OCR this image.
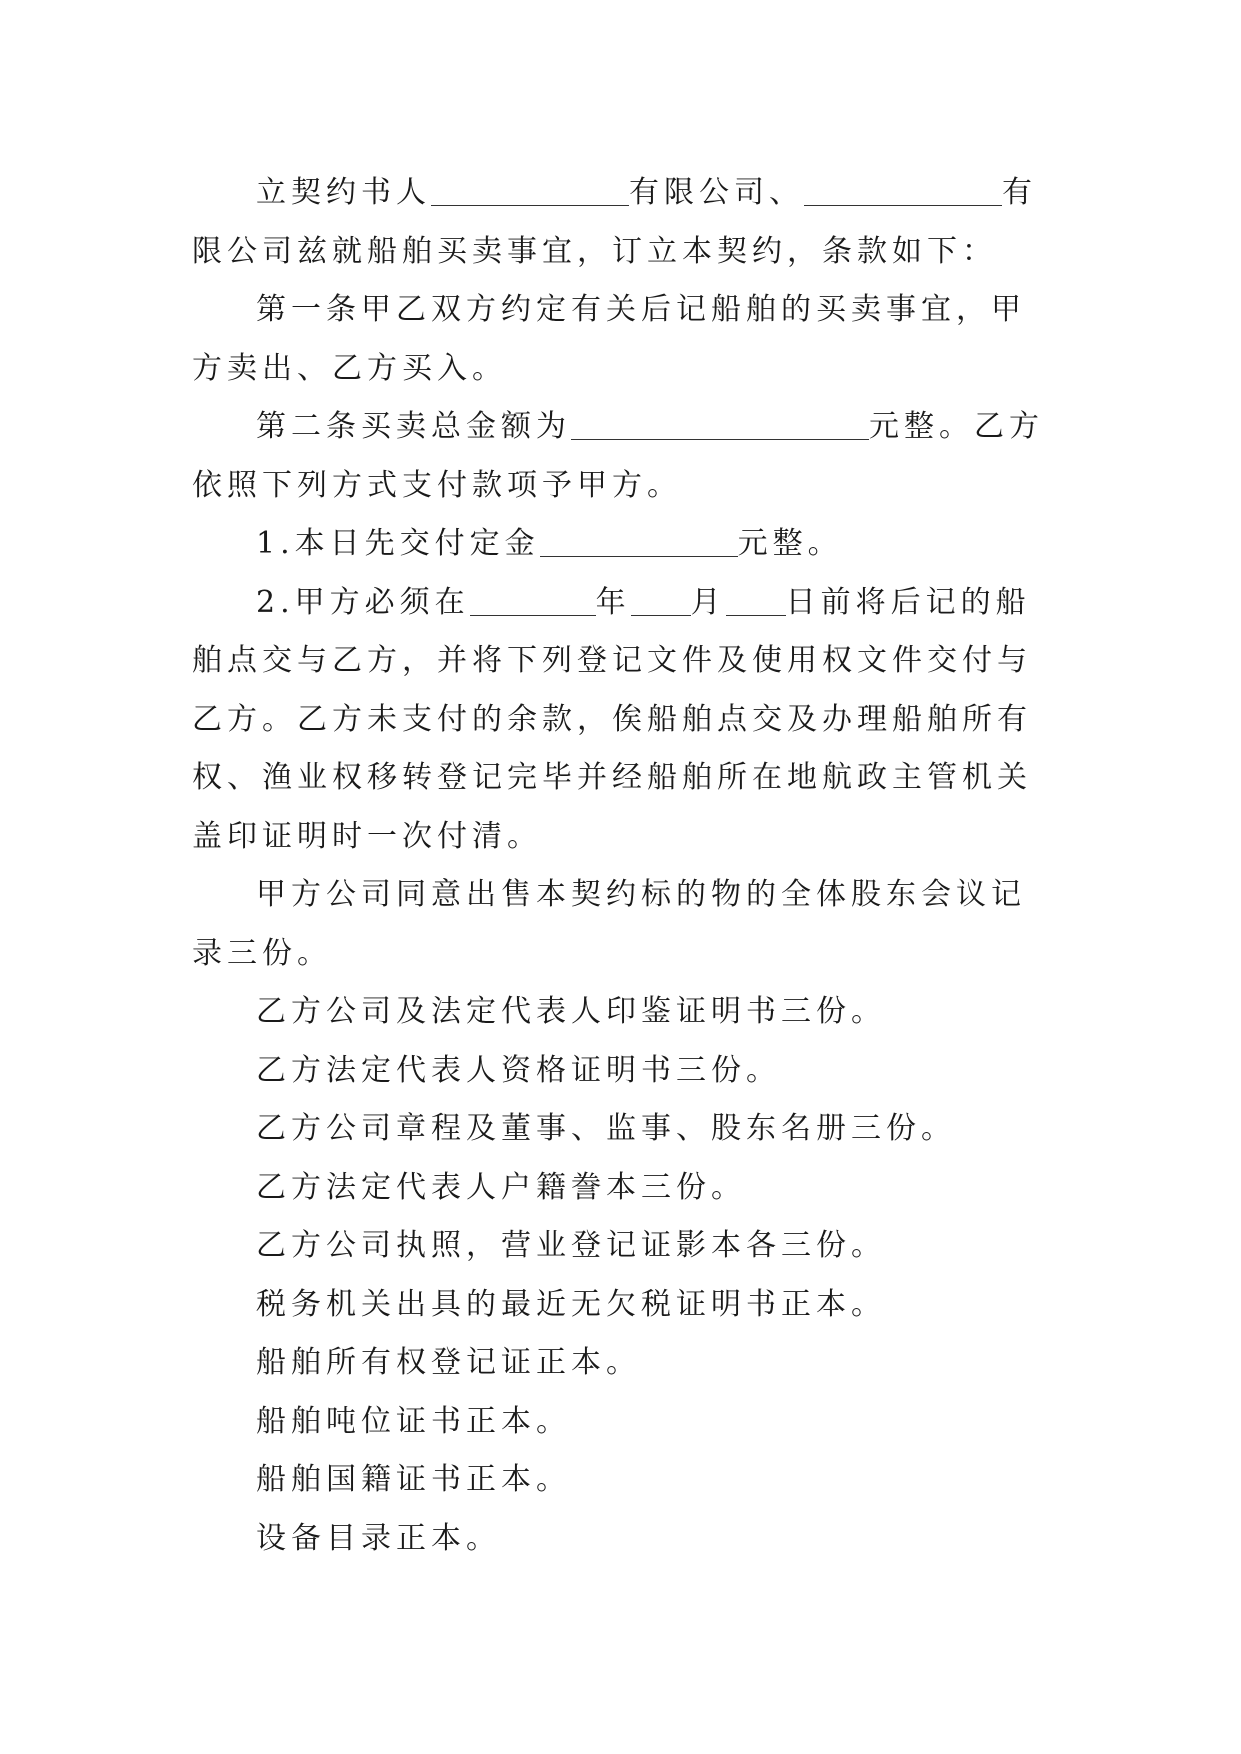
立契约书人	有限公司、	有限公司兹就船舶买卖事宜，订立本契约，条款如下：

第一条甲乙双方约定有关后记船舶的买卖事宜，甲方卖出、乙方买入。

第二条买卖总金额为	元整。乙方依照下列方式支付款项予甲方。

1.本日先交付定金	元整。

2.甲方必须在	年 月 日前将后记的船舶点交与乙方，并将下列登记文件及使用权文件交付与乙方。乙方未支付的余款，俟船舶点交及办理船舶所有权、渔业权移转登记完毕并经船舶所在地航政主管机关盖印证明时一次付清。

甲方公司同意出售本契约标的物的全体股东会议记录三份。

乙方公司及法定代表人印鉴证明书三份。

乙方法定代表人资格证明书三份。

乙方公司章程及董事、监事、股东名册三份。

乙方法定代表人户籍誊本三份。

乙方公司执照，营业登记证影本各三份。

税务机关出具的最近无欠税证明书正本。

船舶所有权登记证正本。

船舶吨位证书正本。

船舶国籍证书正本。

设备目录正本。
